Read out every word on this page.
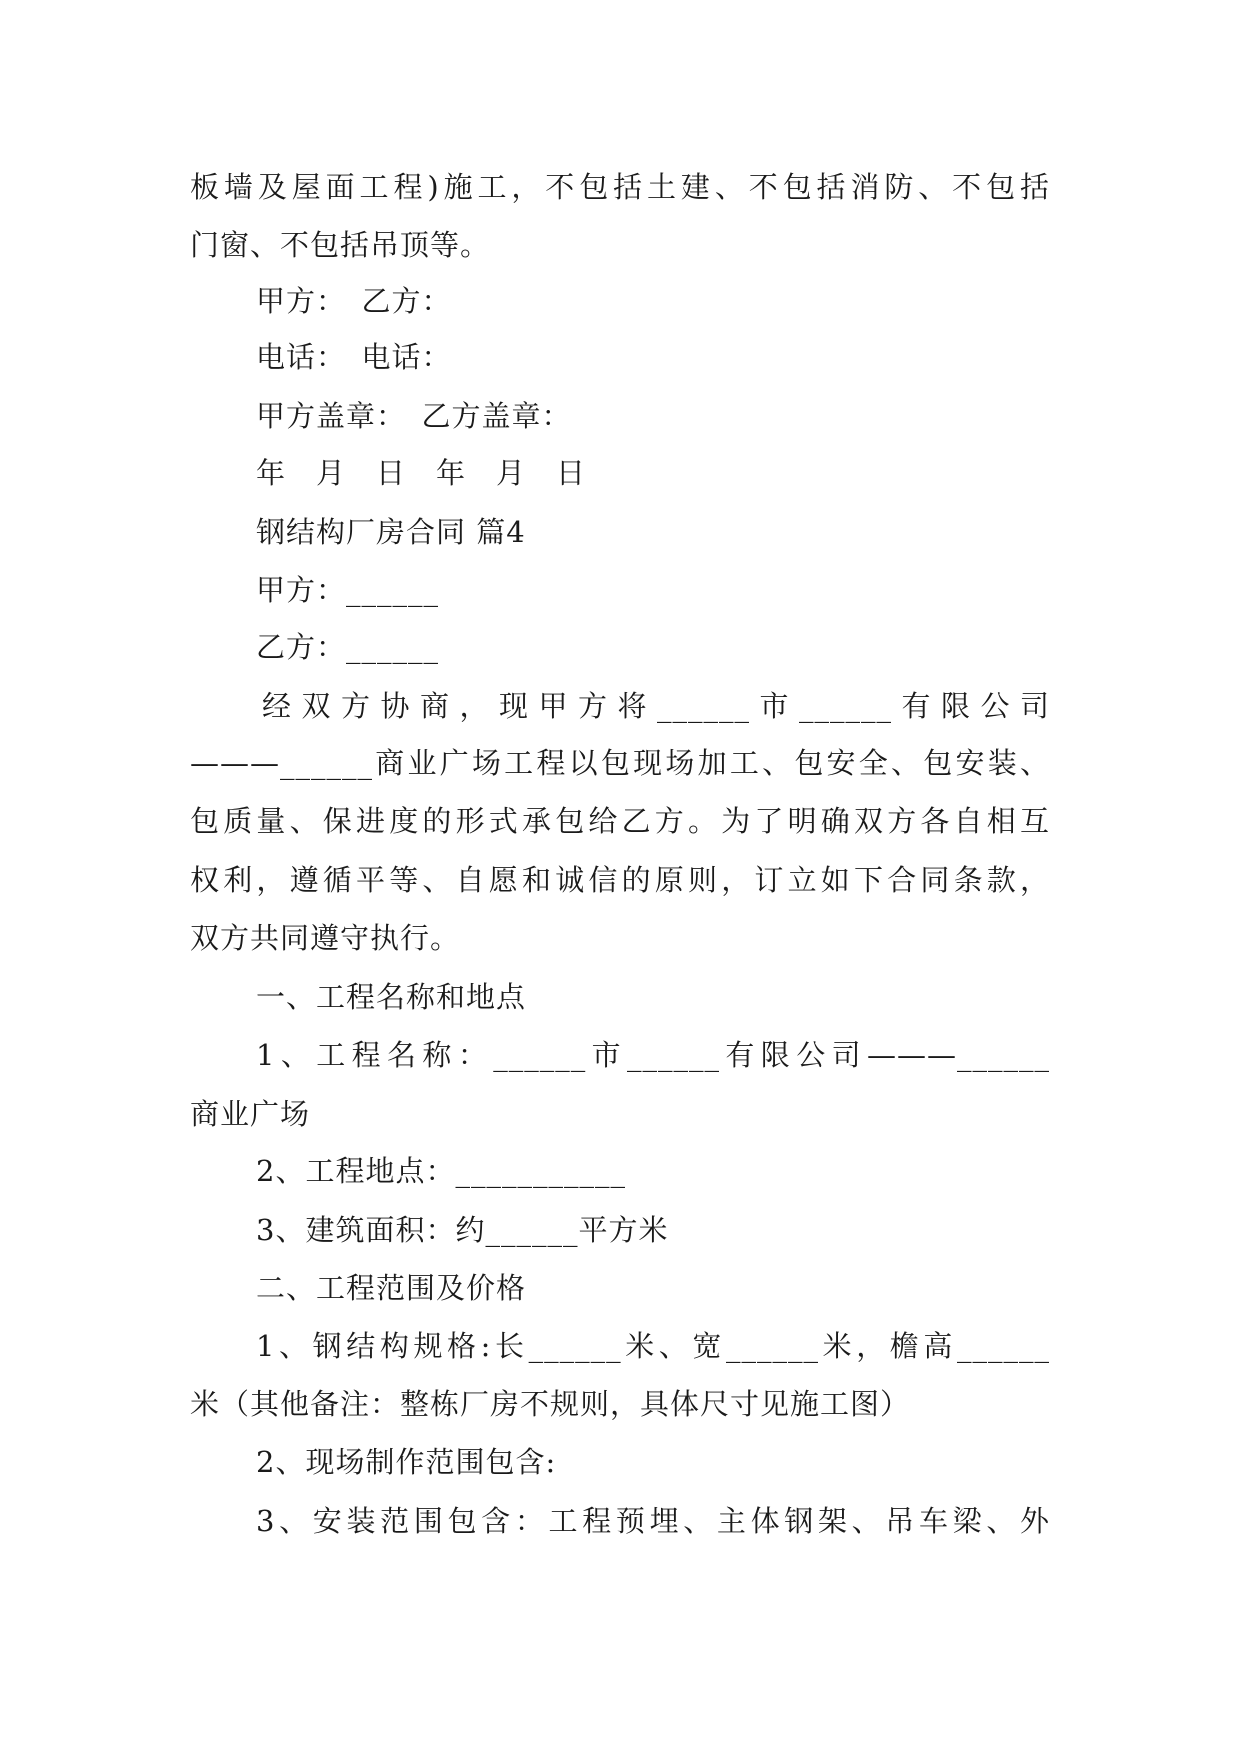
板墙及屋面工程)施工，不包括土建、不包括消防、不包括
门窗、不包括吊顶等。
甲方：　乙方：
电话：　电话：
甲方盖章：　乙方盖章：
年　月　日　年　月　日
钢结构厂房合同 篇4
甲方：______
乙方：______
经双方协商，现甲方将______市______有限公司
———______商业广场工程以包现场加工、包安全、包安装、
包质量、保进度的形式承包给乙方。为了明确双方各自相互
权利，遵循平等、自愿和诚信的原则，订立如下合同条款，
双方共同遵守执行。
一、工程名称和地点
1、工程名称：______市______有限公司———______
商业广场
2、工程地点：___________
3、建筑面积：约______平方米
二、工程范围及价格
1、钢结构规格:长______米、宽______米，檐高______
米（其他备注：整栋厂房不规则，具体尺寸见施工图）
2、现场制作范围包含:
3、安装范围包含：工程预埋、主体钢架、吊车梁、外
